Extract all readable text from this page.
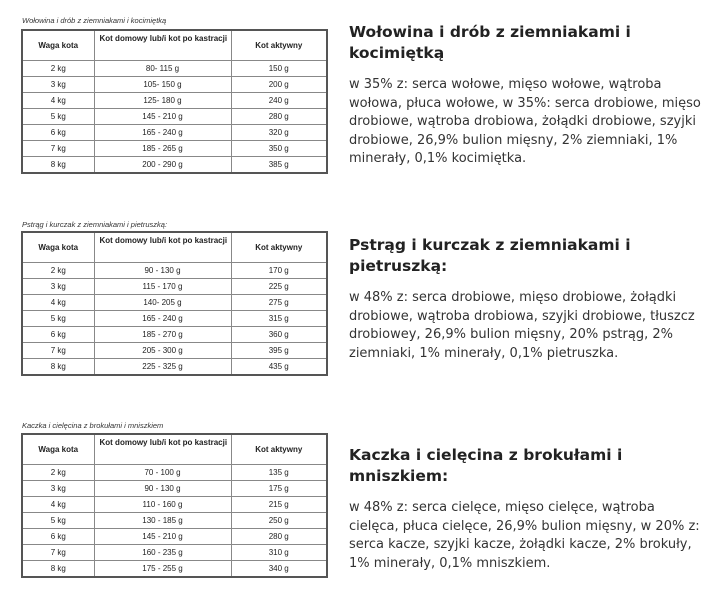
Wołowina i drób z ziemniakami i kocimiętką
Waga kota	Kot domowy lub/i kot po kastracji	Kot aktywny
2 kg	80- 115 g	150 g
3 kg	105- 150 g	200 g
4 kg	125- 180 g	240 g
5 kg	145 - 210 g	280 g
6 kg	165 - 240 g	320 g
7 kg	185 - 265 g	350 g
8 kg	200 - 290 g	385 g
Wołowina i drób z ziemniakami i kocimiętką

w 35% z: serca wołowe, mięso wołowe, wątroba wołowa, płuca wołowe, w 35%: serca drobiowe, mięso drobiowe, wątroba drobiowa, żołądki drobiowe, szyjki drobiowe, 26,9% bulion mięsny, 2% ziemniaki, 1% minerały, 0,1% kocimiętka.

Pstrąg i kurczak z ziemniakami i pietruszką:
Waga kota	Kot domowy lub/i kot po kastracji	Kot aktywny
2 kg	90 - 130 g	170 g
3 kg	115 - 170 g	225 g
4 kg	140- 205 g	275 g
5 kg	165 - 240 g	315 g
6 kg	185 - 270 g	360 g
7 kg	205 - 300 g	395 g
8 kg	225 - 325 g	435 g
Pstrąg i kurczak z ziemniakami i pietruszką:

w 48% z: serca drobiowe, mięso drobiowe, żołądki drobiowe, wątroba drobiowa, szyjki drobiowe, tłuszcz drobiowey, 26,9% bulion mięsny, 20% pstrąg, 2% ziemniaki, 1% minerały, 0,1% pietruszka.

Kaczka i cielęcina z brokułami i mniszkiem
Waga kota	Kot domowy lub/i kot po kastracji	Kot aktywny
2 kg	70 - 100 g	135 g
3 kg	90 - 130 g	175 g
4 kg	110 - 160 g	215 g
5 kg	130 - 185 g	250 g
6 kg	145 - 210 g	280 g
7 kg	160 - 235 g	310 g
8 kg	175 - 255 g	340 g
Kaczka i cielęcina z brokułami i mniszkiem:

w 48% z: serca cielęce, mięso cielęce, wątroba cielęca, płuca cielęce, 26,9% bulion mięsny, w 20% z: serca kacze, szyjki kacze, żołądki kacze, 2% brokuły, 1% minerały, 0,1% mniszkiem.
